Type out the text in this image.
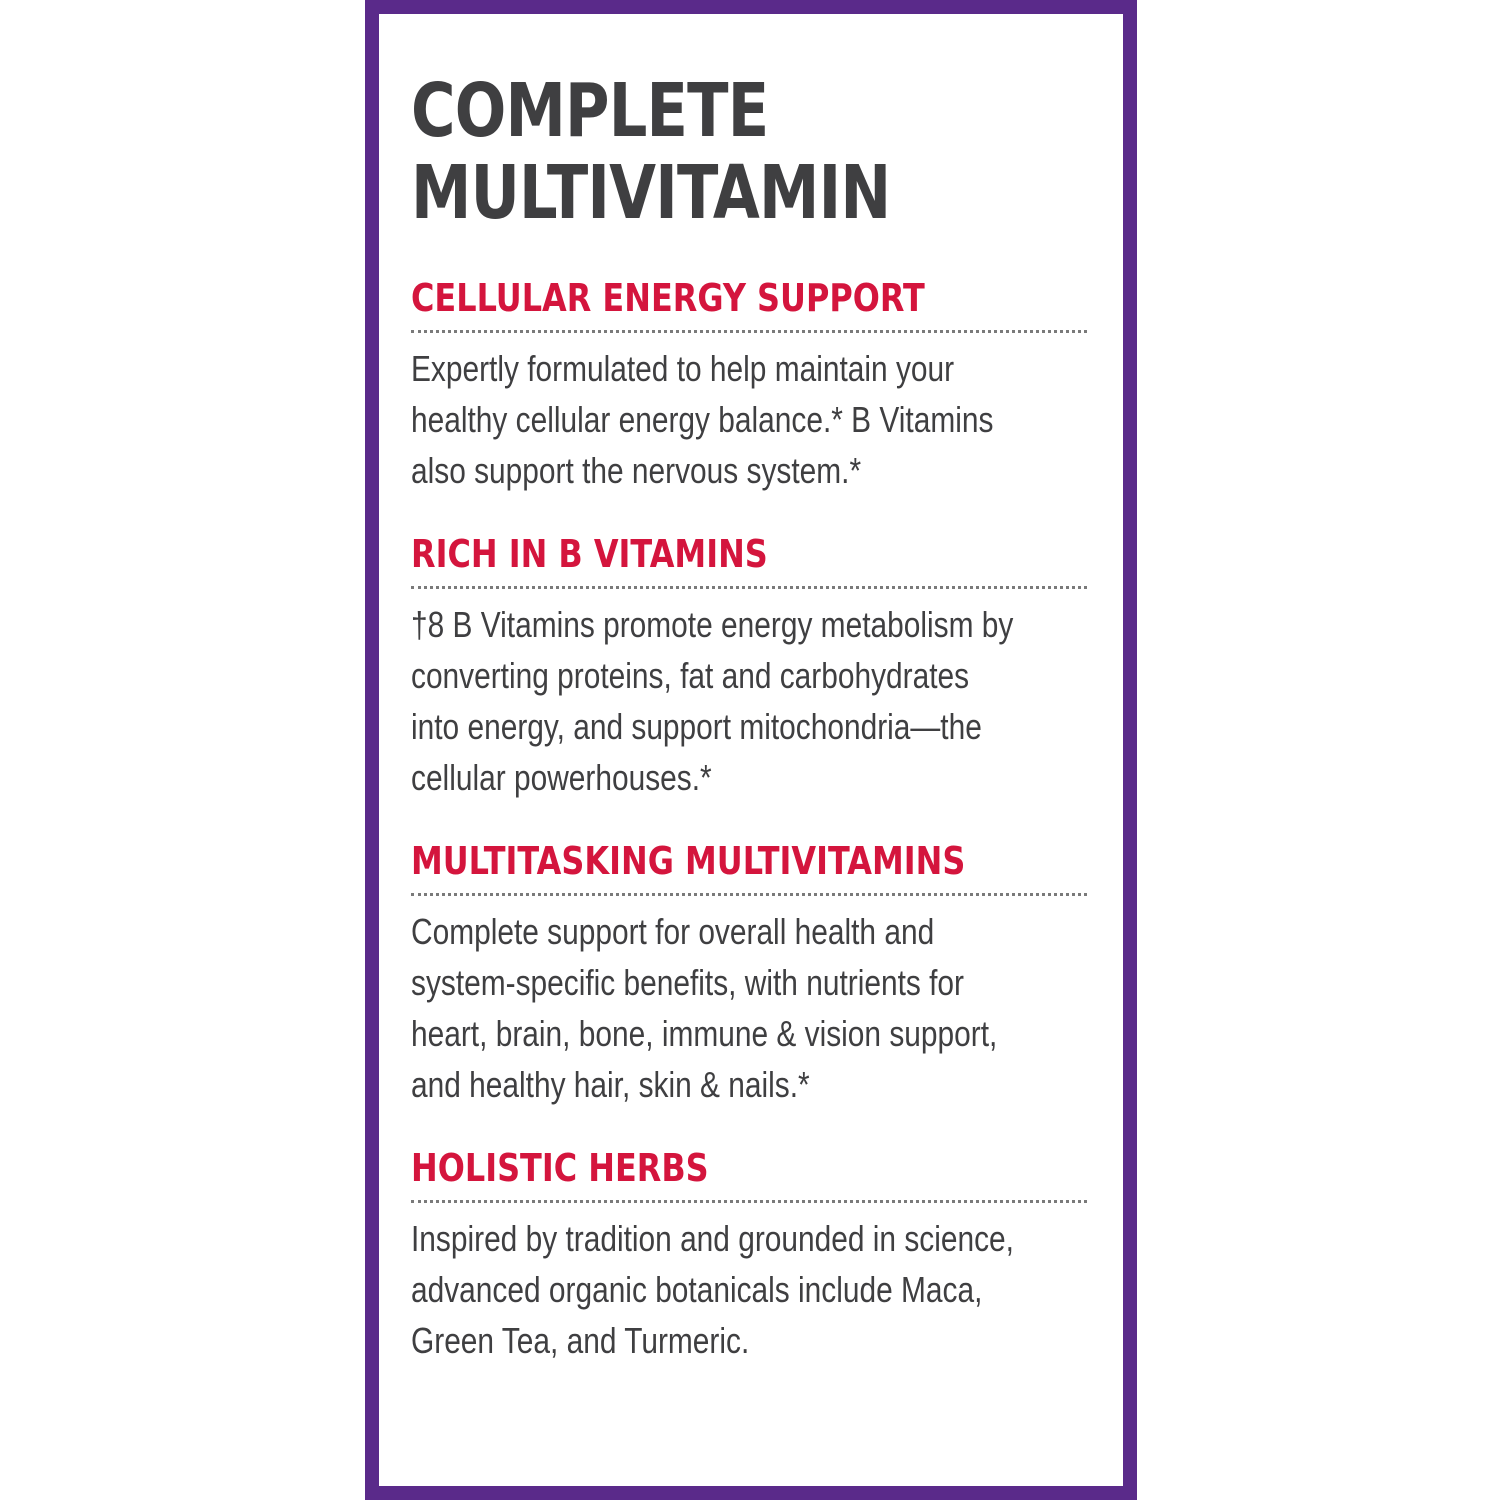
COMPLETE
MULTIVITAMIN
CELLULAR ENERGY SUPPORT
Expertly formulated to help maintain your
healthy cellular energy balance.* B Vitamins
also support the nervous system.*
RICH IN B VITAMINS
†8 B Vitamins promote energy metabolism by
converting proteins, fat and carbohydrates
into energy, and support mitochondria—the
cellular powerhouses.*
MULTITASKING MULTIVITAMINS
Complete support for overall health and
system-specific benefits, with nutrients for
heart, brain, bone, immune & vision support,
and healthy hair, skin & nails.*
HOLISTIC HERBS
Inspired by tradition and grounded in science,
advanced organic botanicals include Maca,
Green Tea, and Turmeric.
